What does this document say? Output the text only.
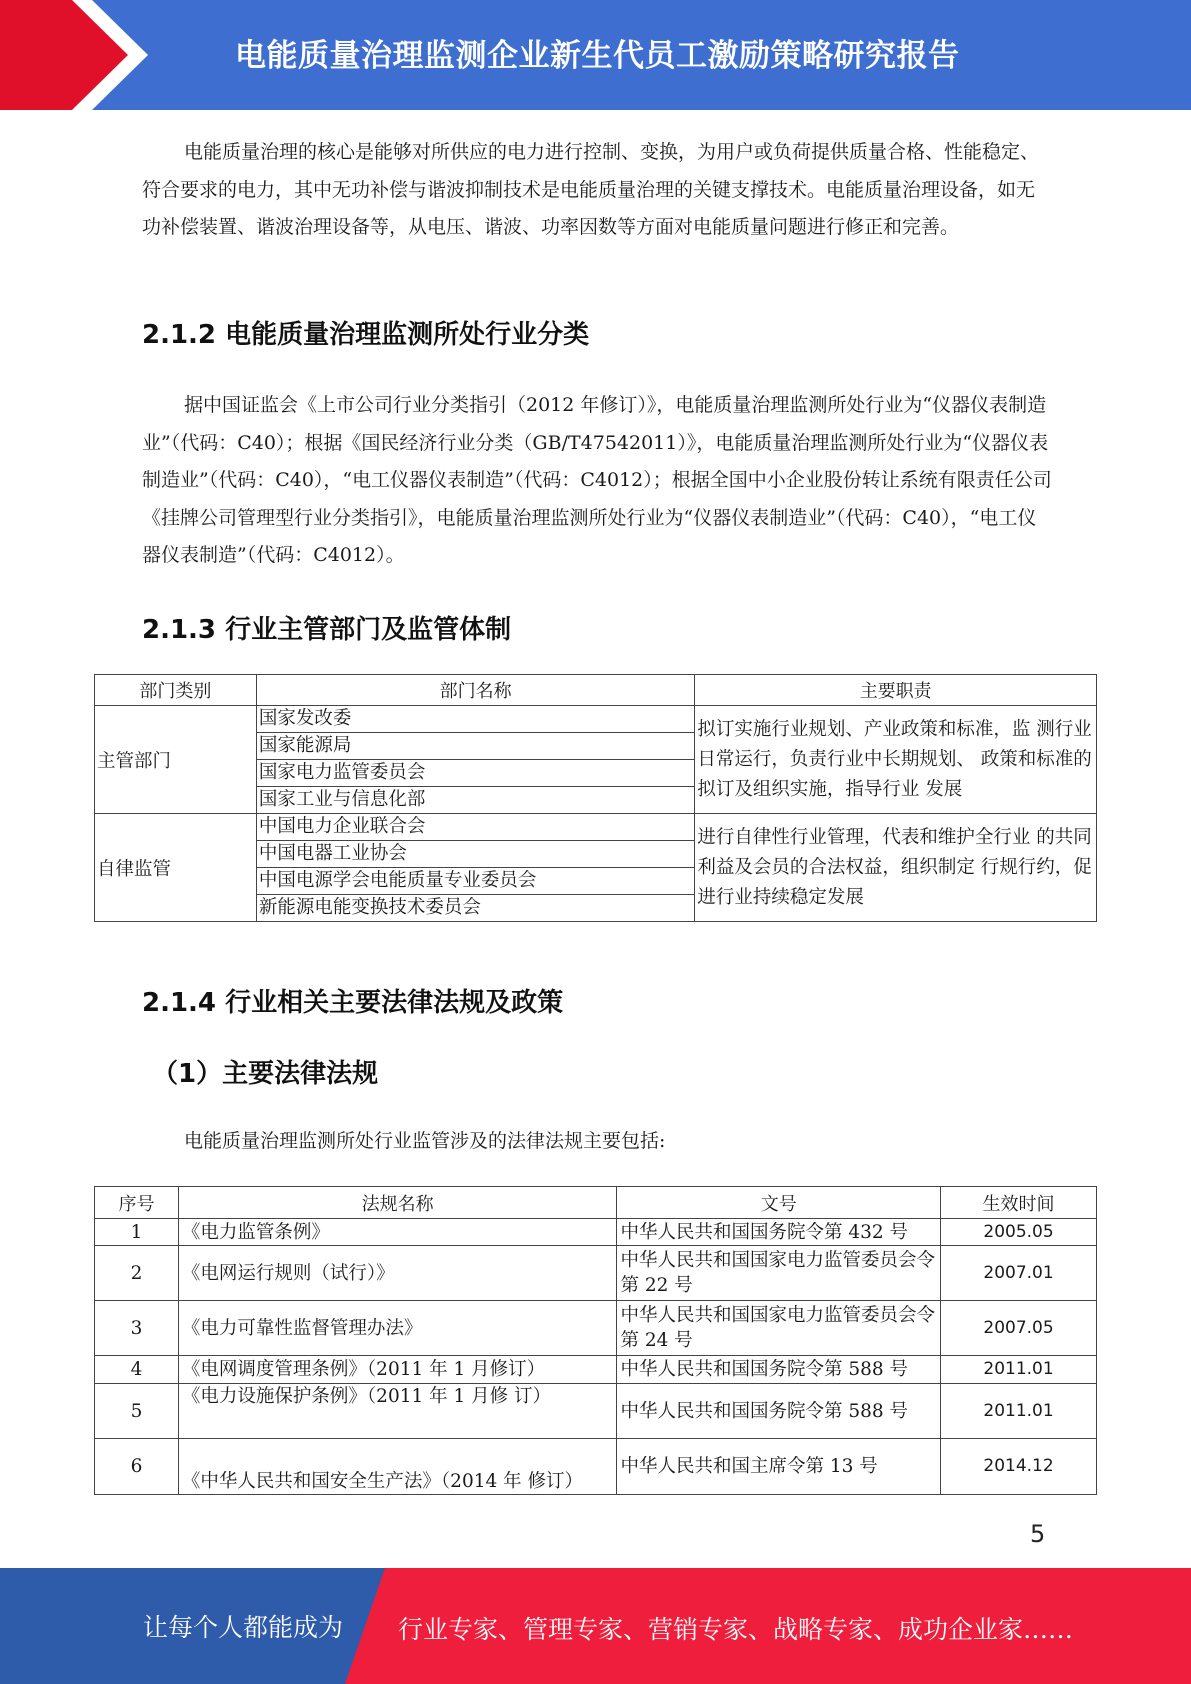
电能质量治理监测企业新生代员工激励策略研究报告

电能质量治理的核心是能够对所供应的电力进行控制、变换，为用户或负荷提供质量合格、性能稳定、符合要求的电力，其中无功补偿与谐波抑制技术是电能质量治理的关键支撑技术。电能质量治理设备，如无功补偿装置、谐波治理设备等，从电压、谐波、功率因数等方面对电能质量问题进行修正和完善。

2.1.2 电能质量治理监测所处行业分类

据中国证监会《上市公司行业分类指引（2012 年修订）》，电能质量治理监测所处行业为“仪器仪表制造业”（代码：C40）；根据《国民经济行业分类（GB/T47542011）》，电能质量治理监测所处行业为“仪器仪表制造业”（代码：C40），“电工仪器仪表制造”（代码：C4012）；根据全国中小企业股份转让系统有限责任公司《挂牌公司管理型行业分类指引》，电能质量治理监测所处行业为“仪器仪表制造业”（代码：C40），“电工仪器仪表制造”（代码：C4012）。

2.1.3 行业主管部门及监管体制
部门类别	部门名称	主要职责
主管部门	国家发改委	拟订实施行业规划、产业政策和标准，监 测行业日常运行，负责行业中长期规划、 政策和标准的拟订及组织实施，指导行业 发展
	国家能源局	
	国家电力监管委员会	
	国家工业与信息化部	
自律监管	中国电力企业联合会	进行自律性行业管理，代表和维护全行业 的共同利益及会员的合法权益，组织制定 行规行约，促进行业持续稳定发展
	中国电器工业协会	
	中国电源学会电能质量专业委员会	
	新能源电能变换技术委员会	
2.1.4 行业相关主要法律法规及政策
（1）主要法律法规

电能质量治理监测所处行业监管涉及的法律法规主要包括:

序号	法规名称	文号	生效时间
1	《电力监管条例》	中华人民共和国国务院令第 432 号	2005.05
2	《电网运行规则（试行）》	中华人民共和国国家电力监管委员会令第 22 号	2007.01
3	《电力可靠性监督管理办法》	中华人民共和国国家电力监管委员会令第 24 号	2007.05
4	《电网调度管理条例》（2011 年 1 月修订）	中华人民共和国国务院令第 588 号	2011.01
5	《电力设施保护条例》（2011 年 1 月修 订）	中华人民共和国国务院令第 588 号	2011.01
6	《中华人民共和国安全生产法》（2014 年 修订）	中华人民共和国主席令第 13 号	2014.12
5
让每个人都能成为 行业专家、管理专家、营销专家、战略专家、成功企业家……
